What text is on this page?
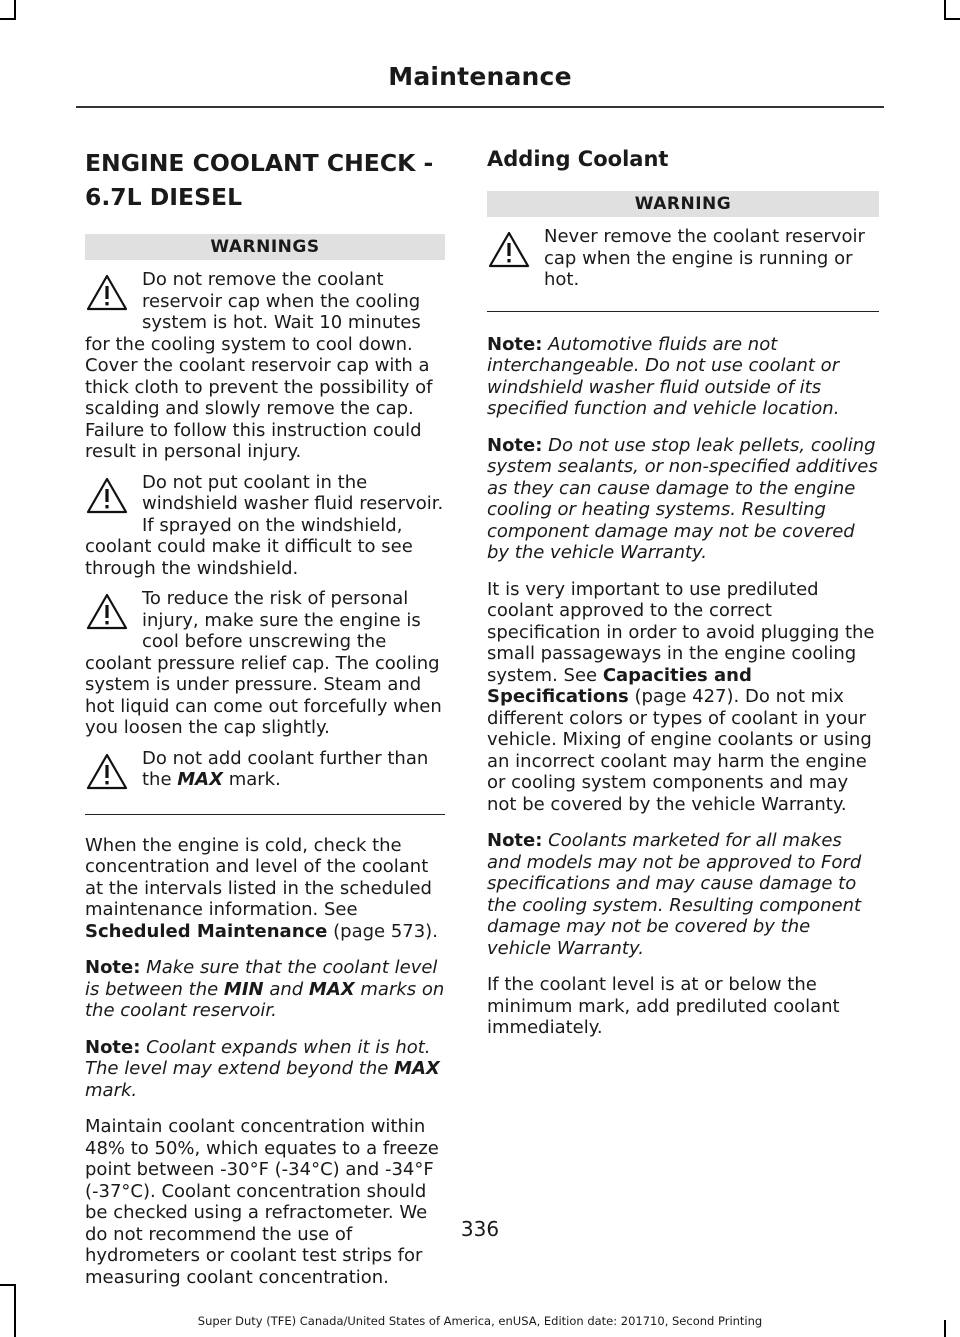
Maintenance
ENGINE COOLANT CHECK -
6.7L DIESEL
WARNINGS
Do not remove the coolant reservoir cap when the cooling system is hot. Wait 10 minutes for the cooling system to cool down. Cover the coolant reservoir cap with a thick cloth to prevent the possibility of scalding and slowly remove the cap. Failure to follow this instruction could result in personal injury.
Do not put coolant in the windshield washer fluid reservoir. If sprayed on the windshield, coolant could make it difficult to see through the windshield.
To reduce the risk of personal injury, make sure the engine is cool before unscrewing the coolant pressure relief cap. The cooling system is under pressure. Steam and hot liquid can come out forcefully when you loosen the cap slightly.
Do not add coolant further than the MAX mark.

When the engine is cold, check the concentration and level of the coolant at the intervals listed in the scheduled maintenance information. See Scheduled Maintenance (page 573).

Note: Make sure that the coolant level is between the MIN and MAX marks on the coolant reservoir.

Note: Coolant expands when it is hot. The level may extend beyond the MAX mark.

Maintain coolant concentration within 48% to 50%, which equates to a freeze point between -30°F (-34°C) and -34°F (-37°C). Coolant concentration should be checked using a refractometer. We do not recommend the use of hydrometers or coolant test strips for measuring coolant concentration.

Adding Coolant
WARNING
Never remove the coolant reservoir cap when the engine is running or hot.

Note: Automotive fluids are not interchangeable. Do not use coolant or windshield washer fluid outside of its specified function and vehicle location.

Note: Do not use stop leak pellets, cooling system sealants, or non-specified additives as they can cause damage to the engine cooling or heating systems. Resulting component damage may not be covered by the vehicle Warranty.

It is very important to use prediluted coolant approved to the correct specification in order to avoid plugging the small passageways in the engine cooling system. See Capacities and Specifications (page 427). Do not mix different colors or types of coolant in your vehicle. Mixing of engine coolants or using an incorrect coolant may harm the engine or cooling system components and may not be covered by the vehicle Warranty.

Note: Coolants marketed for all makes and models may not be approved to Ford specifications and may cause damage to the cooling system. Resulting component damage may not be covered by the vehicle Warranty.

If the coolant level is at or below the minimum mark, add prediluted coolant immediately.

336
Super Duty (TFE) Canada/United States of America, enUSA, Edition date: 201710, Second Printing
